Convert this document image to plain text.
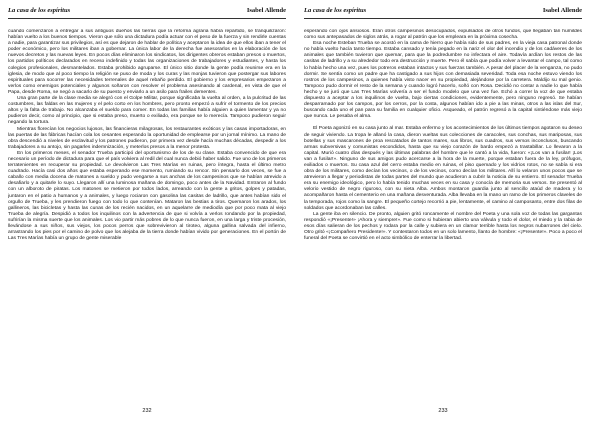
La casa de los espíritus	Isabel Allende

cuando comenzaron a entregar a sus antiguos dueños las tierras que la reforma agraria había repartido, se tranquilizaron: habían vuelto a los buenos tiempos. Vieron que sólo una dictadura podía actuar con el peso de la fuerza y sin rendirle cuentas a nadie, para garantizar sus privilegios, así es que dejaron de hablar de política y aceptaron la idea de que ellos iban a tener el poder económico, pero los militares iban a gobernar. La única labor de la derecha fue asesorarlos en la elaboración de los nuevos decretos y las nuevas leyes. En pocos días eliminaron los sindicatos, los dirigentes obreros estaban presos o muertos, los partidos políticos declarados en receso indefinido y todas las organizaciones de trabajadores y estudiantes, y hasta los colegios profesionales, desmantelados. Estaba prohibido agruparse. El único sitio donde la gente podía reunirse era en la iglesia, de modo que al poco tiempo la religión se puso de moda y los curas y las monjas tuvieron que postergar sus labores espirituales para socorrer las necesidades terrenales de aquel rebaño perdido. El gobierno y los empresarios empezaron a verlos como enemigos potenciales y algunos soñaron con resolver el problema asesinando al cardenal, en vista de que el Papa, desde Roma, se negó a sacarlo de su puesto y enviarlo a un asilo para frailes dementes.

Una gran parte de la clase media se alegró con el Golpe Militar, porque significaba la vuelta al orden, a la pulcritud de las costumbres, las faldas en las mujeres y el pelo corto en los hombres, pero pronto empezó a sufrir el tormento de los precios altos y la falta de trabajo. No alcanzaba el sueldo para comer. En todas las familias había alguien a quien lamentar y ya no pudieron decir, como al principio, que si estaba preso, muerto o exiliado, era porque se lo merecía. Tampoco pudieron seguir negando la tortura.

Mientras florecían los negocios lujosos, las financieras milagrosas, los restaurantes exóticos y las casas importadoras, en las puertas de las fábricas hacían cola los cesantes esperando la oportunidad de emplearse por un jornal mínimo. La mano de obra descendió a niveles de esclavitud y los patrones pudieron, por primera vez desde hacía muchas décadas, despedir a los trabajadores a su antojo, sin pagarles indemnización, y meterlos presos a la menor protesta.

En los primeros meses, el senador Trueba participó del oportunismo de los de su clase. Estaba convencido de que era necesario un período de dictadura para que el país volviera al redil del cual nunca debió haber salido. Fue uno de los primeros terratenientes en recuperar su propiedad. Le devolvieron Las Tres Marías en ruinas, pero íntegra, hasta el último metro cuadrado. Hacía casi dos años que estaba esperando ese momento, rumiando su rencor. Sin pensarlo dos veces, se fue a caballo con media docena de matones a sueldo y pudo vengarse a sus anchas de los campesinos que se habían atrevido a desafiarlo y a quitarle lo suyo. Llegaron allí una luminosa mañana de domingo, poco antes de la Navidad. Entraron al fundo con un alboroto de piratas. Los matones se metieron por todos lados, arreando con la gente a gritos, golpes y patadas, juntaron en el patio a humanos y a animales, y luego rociaron con gasolina las casitas de ladrillo, que antes habían sido el orgullo de Trueba, y les prendieron fuego con todo lo que contenían. Mataron las bestias a tiros. Quemaron los arados, los gallineros, las bicicletas y hasta las cunas de los recién nacidos, en un aquelarre de mediodía que por poco mata al viejo Trueba de alegría. Despidió a todos los inquilinos con la advertencia de que si volvía a verlos rondando por la propiedad, sufrirían la misma suerte que los animales. Los vio partir más pobres de lo que nunca fueron, en una larga y triste procesión, llevándose a sus niños, sus viejos, los pocos perros que sobrevivieron al tiroteo, alguna gallina salvada del infierno, arrastrando los pies por el camino de polvo que los alejaba de la tierra donde habían vivido por generaciones. En el portón de Las Tres Marías había un grupo de gente miserable

232
La casa de los espíritus	Isabel Allende

esperando con ojos ansiosos. Eran otros campesinos desocupados, expulsados de otros fundos, que llegaban tan humildes como sus antepasados de siglos atrás, a rogar al patrón que los empleara en la próxima cosecha.

Esa noche Esteban Trueba se acostó en la cama de hierro que había sido de sus padres, en la vieja casa patronal donde no había vuelto hacía tanto tiempo. Estaba cansado y tenía pegado en la nariz el olor del incendio y de los cadáveres de los animales que también tuvieron que quemar, para que la podredumbre no infectara el aire. Todavía ardían los restos de las casitas de ladrillo y a su alrededor todo era destrucción y muerte. Pero él sabía que podía volver a levantar el campo, tal como lo había hecho una vez, pues los potreros estaban intactos y sus fuerzas también. A pesar del placer de la venganza, no pudo dormir. Se sentía como un padre que ha castigado a sus hijos con demasiada severidad. Toda esa noche estuvo viendo los rostros de los campesinos, a quienes había visto nacer en su propiedad, alejándose por la carretera. Maldijo su mal genio. Tampoco pudo dormir el resto de la semana y cuando logró hacerlo, soñó con Rosa. Decidió no contar a nadie lo que había hecho y se juró que Las Tres Marías volvería a ser el fundo modelo que una vez fue. Echó a correr la voz de que estaba dispuesto a aceptar a los inquilinos de vuelta, bajo ciertas condiciones, evidentemente, pero ninguno regresó. Se habían desparramado por los campos, por los cerros, por la costa, algunos habían ido a pie a las minas, otros a las islas del Sur, buscando cada uno el pan para su familia en cualquier oficio. Asqueado, el patrón regresó a la capital sintiéndose más viejo que nunca. Le pesaba el alma.

El Poeta agonizó en su casa junto al mar. Estaba enfermo y los acontecimientos de los últimos tiempos agotaron su deseo de seguir viviendo. La tropa le allanó la casa, dieron vueltas sus colecciones de caracoles, sus conchas, sus mariposas, sus botellas y sus mascarones de proa rescatados de tantos mares, sus libros, sus cuadros, sus versos inconclusos, buscando armas subversivas y comunistas escondidos, hasta que su viejo corazón de bardo empezó a trastabillar. Lo llevaron a la capital. Murió cuatro días después y las últimas palabras del hombre que le cantó a la vida, fueron: «¡Los van a fusilar! ¡Los van a fusilar!». Ninguno de sus amigos pudo acercarse a la hora de la muerte, porque estaban fuera de la ley, prófugos, exiliados o muertos. Su casa azul del cerro estaba medio en ruinas, el piso quemado y los vidrios rotos, no se sabía si era obra de los militares, como decían los vecinos, o de los vecinos, como decían los militares. Allí lo velaron unos pocos que se atrevieron a llegar y periodistas de todas partes del mundo que acudieron a cubrir la noticia de su entierro. El senador Trueba era su enemigo ideológico, pero lo había tenido muchas veces en su casa y conocía de memoria sus versos. Se presentó al velorio vestido de negro riguroso, con su nieta Alba. Ambos montaron guardia junto al sencillo ataúd de madera y lo acompañaron hasta el cementerio en una mañana desventurada. Alba llevaba en la mano un ramo de los primeros claveles de la temporada, rojos como la sangre. El pequeño cortejo recorrió a pie, lentamente, el camino al camposanto, entre dos filas de soldados que acordonaban las calles.

La gente iba en silencio. De pronto, alguien gritó roncamente el nombre del Poeta y una sola voz de todas las gargantas respondió «¡Presente!» ¡Ahora y siempre!». Fue como si hubieran abierto una válvula y todo el dolor, el miedo y la rabia de esos días salieran de los pechos y rodara por la calle y subiera en un clamor terrible hasta los negros nubarrones del cielo. Otro gritó «¡Compañero Presidente!». Y contestaron todos en un solo lamento, llanto de hombre: «¡Presente!». Poco a poco el funeral del Poeta se convirtió en el acto simbólico de enterrar la libertad.

233
